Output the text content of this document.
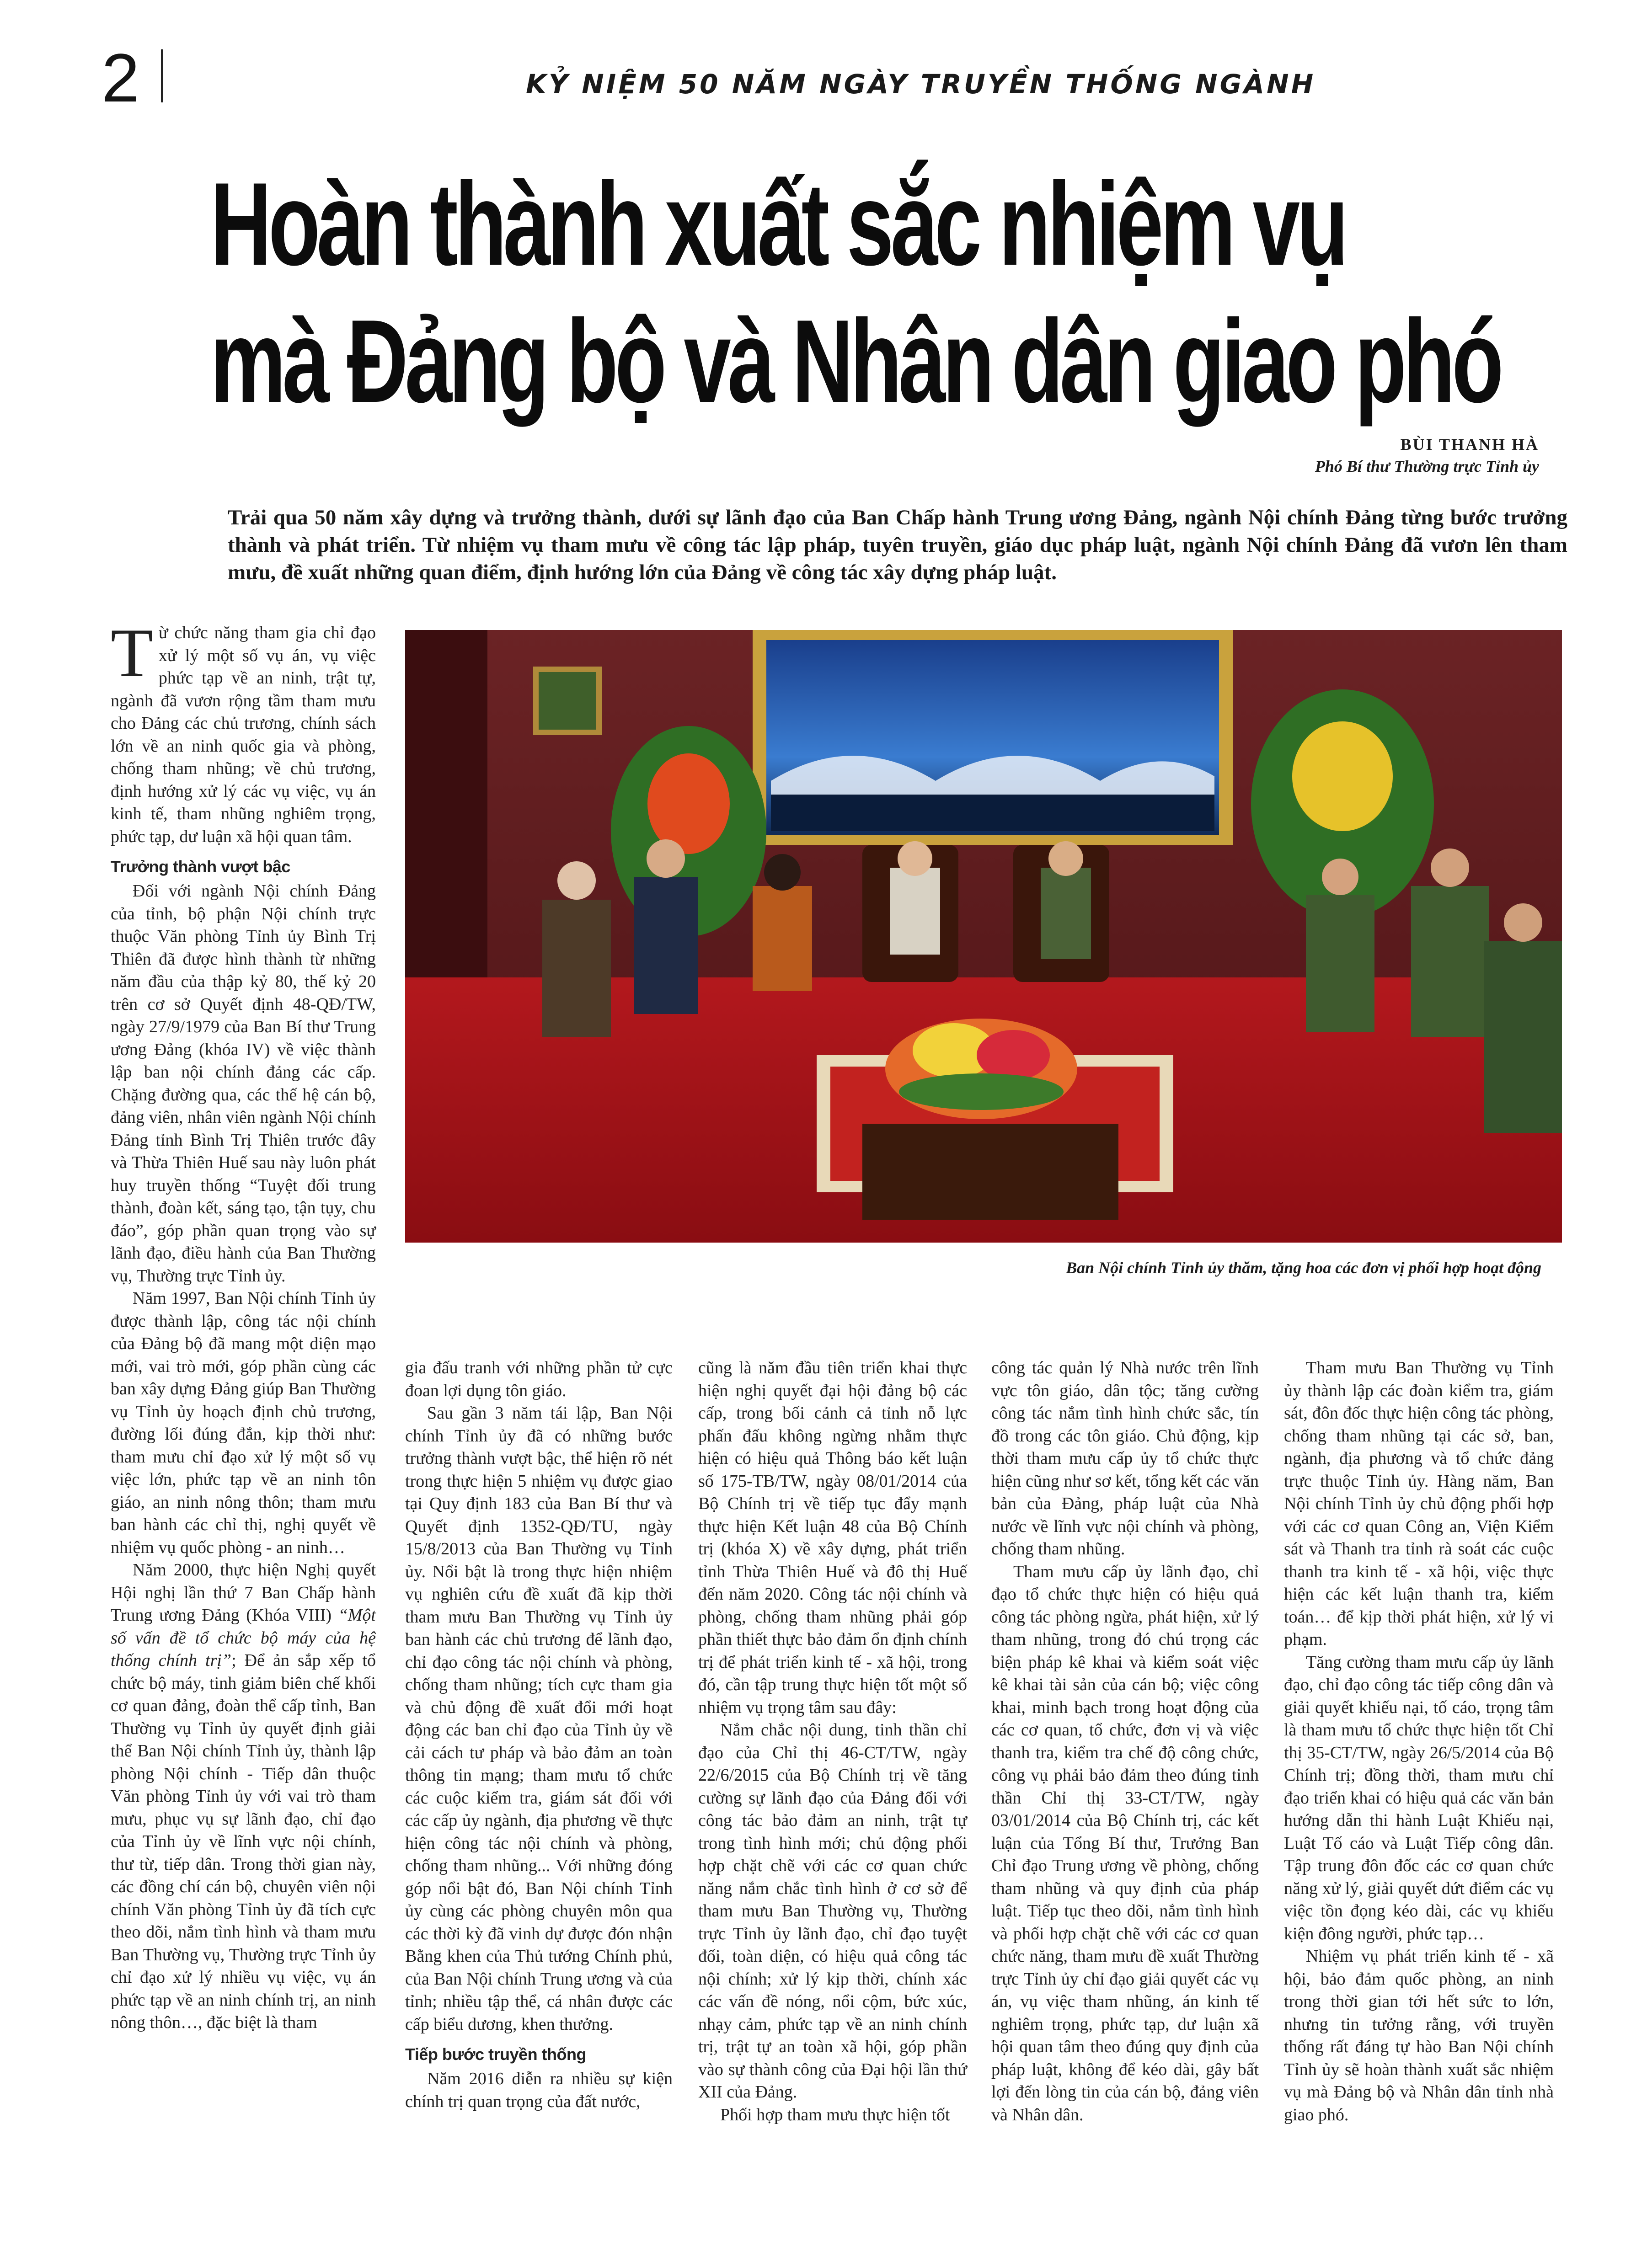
2	KỶ NIỆM 50 NĂM NGÀY TRUYỀN THỐNG NGÀNH
Hoàn thành xuất sắc nhiệm vụ
mà Đảng bộ và Nhân dân giao phó
BÙI THANH HÀ
Phó Bí thư Thường trực Tỉnh ủy
Trải qua 50 năm xây dựng và trưởng thành, dưới sự lãnh đạo của Ban Chấp hành Trung ương Đảng, ngành Nội chính Đảng từng bước trưởng thành và phát triển. Từ nhiệm vụ tham mưu về công tác lập pháp, tuyên truyền, giáo dục pháp luật, ngành Nội chính Đảng đã vươn lên tham mưu, đề xuất những quan điểm, định hướng lớn của Đảng về công tác xây dựng pháp luật.
Ban Nội chính Tỉnh ủy thăm, tặng hoa các đơn vị phối hợp hoạt động

Từ chức năng tham gia chỉ đạo xử lý một số vụ án, vụ việc phức tạp về an ninh, trật tự, ngành đã vươn rộng tầm tham mưu cho Đảng các chủ trương, chính sách lớn về an ninh quốc gia và phòng, chống tham nhũng; về chủ trương, định hướng xử lý các vụ việc, vụ án kinh tế, tham nhũng nghiêm trọng, phức tạp, dư luận xã hội quan tâm.

Trưởng thành vượt bậc

Đối với ngành Nội chính Đảng của tỉnh, bộ phận Nội chính trực thuộc Văn phòng Tỉnh ủy Bình Trị Thiên đã được hình thành từ những năm đầu của thập kỷ 80, thế kỷ 20 trên cơ sở Quyết định 48-QĐ/TW, ngày 27/9/1979 của Ban Bí thư Trung ương Đảng (khóa IV) về việc thành lập ban nội chính đảng các cấp. Chặng đường qua, các thế hệ cán bộ, đảng viên, nhân viên ngành Nội chính Đảng tỉnh Bình Trị Thiên trước đây và Thừa Thiên Huế sau này luôn phát huy truyền thống “Tuyệt đối trung thành, đoàn kết, sáng tạo, tận tụy, chu đáo”, góp phần quan trọng vào sự lãnh đạo, điều hành của Ban Thường vụ, Thường trực Tỉnh ủy.

Năm 1997, Ban Nội chính Tỉnh ủy được thành lập, công tác nội chính của Đảng bộ đã mang một diện mạo mới, vai trò mới, góp phần cùng các ban xây dựng Đảng giúp Ban Thường vụ Tỉnh ủy hoạch định chủ trương, đường lối đúng đắn, kịp thời như: tham mưu chỉ đạo xử lý một số vụ việc lớn, phức tạp về an ninh tôn giáo, an ninh nông thôn; tham mưu ban hành các chỉ thị, nghị quyết về nhiệm vụ quốc phòng - an ninh…

Năm 2000, thực hiện Nghị quyết Hội nghị lần thứ 7 Ban Chấp hành Trung ương Đảng (Khóa VIII) “Một số vấn đề tổ chức bộ máy của hệ thống chính trị”; Để ản sắp xếp tổ chức bộ máy, tinh giảm biên chế khối cơ quan đảng, đoàn thể cấp tỉnh, Ban Thường vụ Tỉnh ủy quyết định giải thể Ban Nội chính Tỉnh ủy, thành lập phòng Nội chính - Tiếp dân thuộc Văn phòng Tỉnh ủy với vai trò tham mưu, phục vụ sự lãnh đạo, chỉ đạo của Tỉnh ủy về lĩnh vực nội chính, thư từ, tiếp dân. Trong thời gian này, các đồng chí cán bộ, chuyên viên nội chính Văn phòng Tỉnh ủy đã tích cực theo dõi, nắm tình hình và tham mưu Ban Thường vụ, Thường trực Tỉnh ủy chỉ đạo xử lý nhiều vụ việc, vụ án phức tạp về an ninh chính trị, an ninh nông thôn…, đặc biệt là tham

gia đấu tranh với những phần tử cực đoan lợi dụng tôn giáo.

Sau gần 3 năm tái lập, Ban Nội chính Tỉnh ủy đã có những bước trưởng thành vượt bậc, thể hiện rõ nét trong thực hiện 5 nhiệm vụ được giao tại Quy định 183 của Ban Bí thư và Quyết định 1352-QĐ/TU, ngày 15/8/2013 của Ban Thường vụ Tỉnh ủy. Nổi bật là trong thực hiện nhiệm vụ nghiên cứu đề xuất đã kịp thời tham mưu Ban Thường vụ Tỉnh ủy ban hành các chủ trương để lãnh đạo, chỉ đạo công tác nội chính và phòng, chống tham nhũng; tích cực tham gia và chủ động đề xuất đổi mới hoạt động các ban chỉ đạo của Tỉnh ủy về cải cách tư pháp và bảo đảm an toàn thông tin mạng; tham mưu tổ chức các cuộc kiểm tra, giám sát đối với các cấp ủy ngành, địa phương về thực hiện công tác nội chính và phòng, chống tham nhũng... Với những đóng góp nổi bật đó, Ban Nội chính Tỉnh ủy cùng các phòng chuyên môn qua các thời kỳ đã vinh dự được đón nhận Bằng khen của Thủ tướng Chính phủ, của Ban Nội chính Trung ương và của tỉnh; nhiều tập thể, cá nhân được các cấp biểu dương, khen thưởng.

Tiếp bước truyền thống

Năm 2016 diễn ra nhiều sự kiện chính trị quan trọng của đất nước,

cũng là năm đầu tiên triển khai thực hiện nghị quyết đại hội đảng bộ các cấp, trong bối cảnh cả tỉnh nỗ lực phấn đấu không ngừng nhằm thực hiện có hiệu quả Thông báo kết luận số 175-TB/TW, ngày 08/01/2014 của Bộ Chính trị về tiếp tục đẩy mạnh thực hiện Kết luận 48 của Bộ Chính trị (khóa X) về xây dựng, phát triển tỉnh Thừa Thiên Huế và đô thị Huế đến năm 2020. Công tác nội chính và phòng, chống tham nhũng phải góp phần thiết thực bảo đảm ổn định chính trị để phát triển kinh tế - xã hội, trong đó, cần tập trung thực hiện tốt một số nhiệm vụ trọng tâm sau đây:

Nắm chắc nội dung, tinh thần chỉ đạo của Chỉ thị 46-CT/TW, ngày 22/6/2015 của Bộ Chính trị về tăng cường sự lãnh đạo của Đảng đối với công tác bảo đảm an ninh, trật tự trong tình hình mới; chủ động phối hợp chặt chẽ với các cơ quan chức năng nắm chắc tình hình ở cơ sở để tham mưu Ban Thường vụ, Thường trực Tỉnh ủy lãnh đạo, chỉ đạo tuyệt đối, toàn diện, có hiệu quả công tác nội chính; xử lý kịp thời, chính xác các vấn đề nóng, nổi cộm, bức xúc, nhạy cảm, phức tạp về an ninh chính trị, trật tự an toàn xã hội, góp phần vào sự thành công của Đại hội lần thứ XII của Đảng.

Phối hợp tham mưu thực hiện tốt

công tác quản lý Nhà nước trên lĩnh vực tôn giáo, dân tộc; tăng cường công tác nắm tình hình chức sắc, tín đồ trong các tôn giáo. Chủ động, kịp thời tham mưu cấp ủy tổ chức thực hiện cũng như sơ kết, tổng kết các văn bản của Đảng, pháp luật của Nhà nước về lĩnh vực nội chính và phòng, chống tham nhũng.

Tham mưu cấp ủy lãnh đạo, chỉ đạo tổ chức thực hiện có hiệu quả công tác phòng ngừa, phát hiện, xử lý tham nhũng, trong đó chú trọng các biện pháp kê khai và kiểm soát việc kê khai tài sản của cán bộ; việc công khai, minh bạch trong hoạt động của các cơ quan, tổ chức, đơn vị và việc thanh tra, kiểm tra chế độ công chức, công vụ phải bảo đảm theo đúng tinh thần Chỉ thị 33-CT/TW, ngày 03/01/2014 của Bộ Chính trị, các kết luận của Tổng Bí thư, Trưởng Ban Chỉ đạo Trung ương về phòng, chống tham nhũng và quy định của pháp luật. Tiếp tục theo dõi, nắm tình hình và phối hợp chặt chẽ với các cơ quan chức năng, tham mưu đề xuất Thường trực Tỉnh ủy chỉ đạo giải quyết các vụ án, vụ việc tham nhũng, án kinh tế nghiêm trọng, phức tạp, dư luận xã hội quan tâm theo đúng quy định của pháp luật, không để kéo dài, gây bất lợi đến lòng tin của cán bộ, đảng viên và Nhân dân.

Tham mưu Ban Thường vụ Tỉnh ủy thành lập các đoàn kiểm tra, giám sát, đôn đốc thực hiện công tác phòng, chống tham nhũng tại các sở, ban, ngành, địa phương và tổ chức đảng trực thuộc Tỉnh ủy. Hàng năm, Ban Nội chính Tỉnh ủy chủ động phối hợp với các cơ quan Công an, Viện Kiểm sát và Thanh tra tỉnh rà soát các cuộc thanh tra kinh tế - xã hội, việc thực hiện các kết luận thanh tra, kiểm toán… để kịp thời phát hiện, xử lý vi phạm.

Tăng cường tham mưu cấp ủy lãnh đạo, chỉ đạo công tác tiếp công dân và giải quyết khiếu nại, tố cáo, trọng tâm là tham mưu tổ chức thực hiện tốt Chỉ thị 35-CT/TW, ngày 26/5/2014 của Bộ Chính trị; đồng thời, tham mưu chỉ đạo triển khai có hiệu quả các văn bản hướng dẫn thi hành Luật Khiếu nại, Luật Tố cáo và Luật Tiếp công dân. Tập trung đôn đốc các cơ quan chức năng xử lý, giải quyết dứt điểm các vụ việc tồn đọng kéo dài, các vụ khiếu kiện đông người, phức tạp…

Nhiệm vụ phát triển kinh tế - xã hội, bảo đảm quốc phòng, an ninh trong thời gian tới hết sức to lớn, nhưng tin tưởng rằng, với truyền thống rất đáng tự hào Ban Nội chính Tỉnh ủy sẽ hoàn thành xuất sắc nhiệm vụ mà Đảng bộ và Nhân dân tỉnh nhà giao phó.
